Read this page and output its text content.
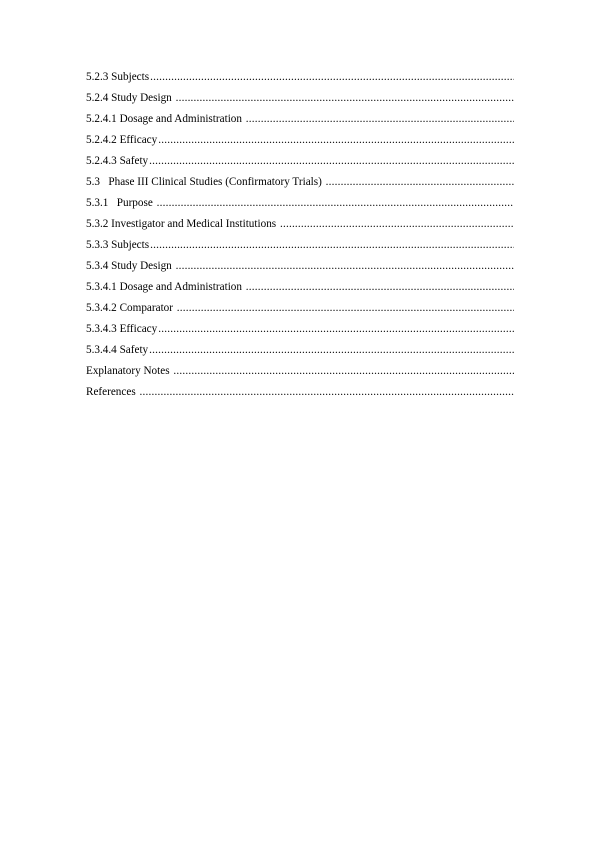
5.2.3 Subjects
.....
5.2.4 Study Design
.....
5.2.4.1 Dosage and Administration
.....
5.2.4.2 Efficacy
.....
5.2.4.3 Safety
.....
5.3   Phase III Clinical Studies (Confirmatory Trials)
.....
5.3.1   Purpose
.....
5.3.2 Investigator and Medical Institutions
.....
5.3.3 Subjects
.....
5.3.4 Study Design
.....
5.3.4.1 Dosage and Administration
.....
5.3.4.2 Comparator
.....
5.3.4.3 Efficacy
.....
5.3.4.4 Safety
.....
Explanatory Notes
.....
References
.....
